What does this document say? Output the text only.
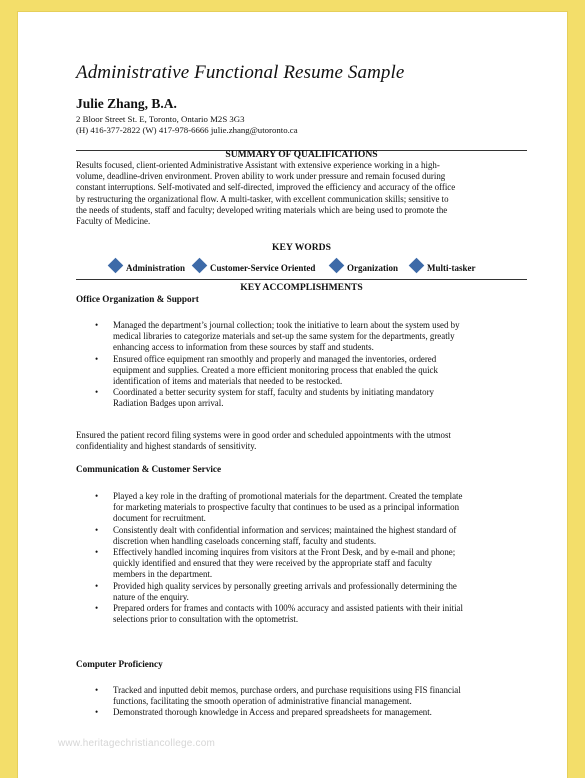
Administrative Functional Resume Sample
Julie Zhang, B.A.
2 Bloor Street St. E, Toronto, Ontario M2S 3G3
(H) 416-377-2822 (W) 417-978-6666 julie.zhang@utoronto.ca
SUMMARY OF QUALIFICATIONS
Results focused, client-oriented Administrative Assistant with extensive experience working in a high-
volume, deadline-driven environment. Proven ability to work under pressure and remain focused during
constant interruptions. Self-motivated and self-directed, improved the efficiency and accuracy of the office
by restructuring the organizational flow. A multi-tasker, with excellent communication skills; sensitive to
the needs of students, staff and faculty; developed writing materials which are being used to promote the
Faculty of Medicine.
KEY WORDS
Administration	Customer-Service Oriented	Organization	Multi-tasker
KEY ACCOMPLISHMENTS
Office Organization & Support
• Managed the department’s journal collection; took the initiative to learn about the system used by
medical libraries to categorize materials and set-up the same system for the departments, greatly
enhancing access to information from these sources by staff and students.
• Ensured office equipment ran smoothly and properly and managed the inventories, ordered
equipment and supplies. Created a more efficient monitoring process that enabled the quick
identification of items and materials that needed to be restocked.
• Coordinated a better security system for staff, faculty and students by initiating mandatory
Radiation Badges upon arrival.
Ensured the patient record filing systems were in good order and scheduled appointments with the utmost
confidentiality and highest standards of sensitivity.
Communication & Customer Service
• Played a key role in the drafting of promotional materials for the department. Created the template
for marketing materials to prospective faculty that continues to be used as a principal information
document for recruitment.
• Consistently dealt with confidential information and services; maintained the highest standard of
discretion when handling caseloads concerning staff, faculty and students.
• Effectively handled incoming inquires from visitors at the Front Desk, and by e-mail and phone;
quickly identified and ensured that they were received by the appropriate staff and faculty
members in the department.
• Provided high quality services by personally greeting arrivals and professionally determining the
nature of the enquiry.
• Prepared orders for frames and contacts with 100% accuracy and assisted patients with their initial
selections prior to consultation with the optometrist.
Computer Proficiency
• Tracked and inputted debit memos, purchase orders, and purchase requisitions using FIS financial
functions, facilitating the smooth operation of administrative financial management.
• Demonstrated thorough knowledge in Access and prepared spreadsheets for management.
www.heritagechristiancollege.com
